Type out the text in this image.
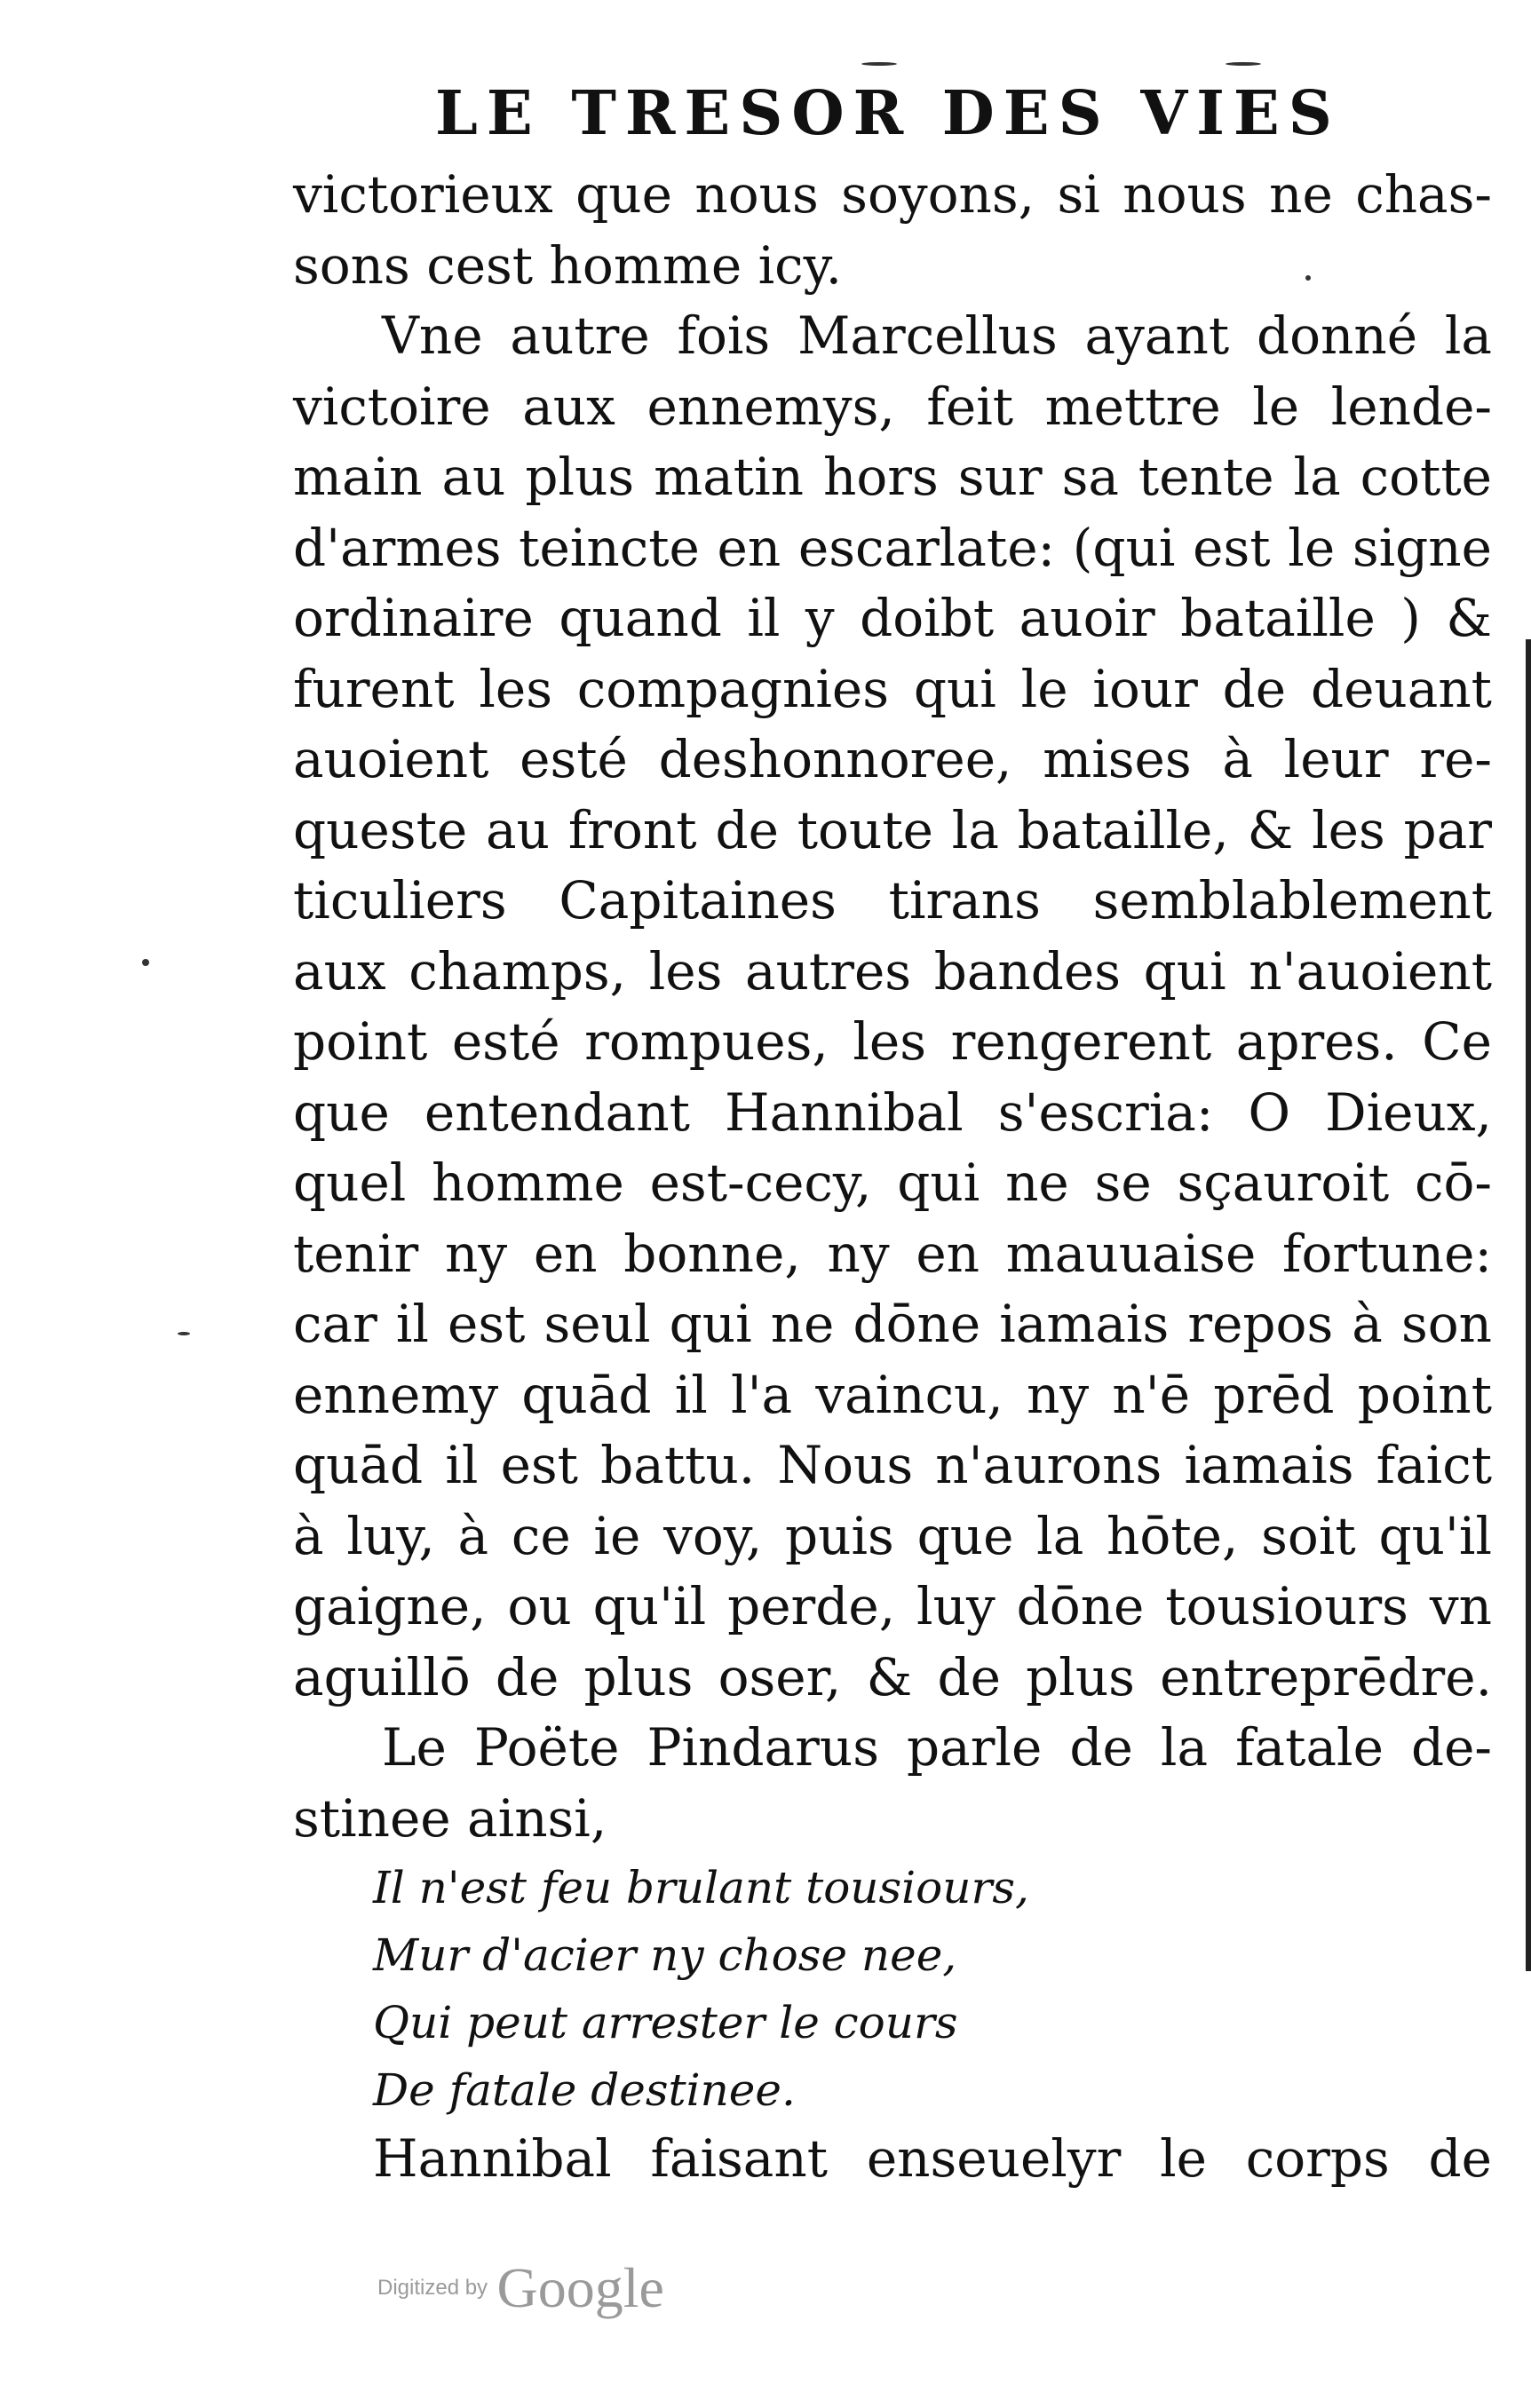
LE TRESOR DES VIES
victorieux que nous soyons, si nous ne chas-
sons cest homme icy.
Vne autre fois Marcellus ayant donné la
victoire aux ennemys, feit mettre le lende-
main au plus matin hors sur sa tente la cotte
d'armes teincte en escarlate: (qui est le signe
ordinaire quand il y doibt auoir bataille ) &
furent les compagnies qui le iour de deuant
auoient esté deshonnoree, mises à leur re-
queste au front de toute la bataille, & les par
ticuliers Capitaines tirans semblablement
aux champs, les autres bandes qui n'auoient
point esté rompues, les rengerent apres. Ce
que entendant Hannibal s'escria: O Dieux,
quel homme est-cecy, qui ne se sçauroit cō-
tenir ny en bonne, ny en mauuaise fortune:
car il est seul qui ne dōne iamais repos à son
ennemy quād il l'a vaincu, ny n'ē prēd point
quād il est battu. Nous n'aurons iamais faict
à luy, à ce ie voy, puis que la hōte, soit qu'il
gaigne, ou qu'il perde, luy dōne tousiours vn
aguillō de plus oser, & de plus entreprēdre.
Le Poëte Pindarus parle de la fatale de-
stinee ainsi,
Il n'est feu brulant tousiours,
Mur d'acier ny chose nee,
Qui peut arrester le cours
De fatale destinee.
Hannibal faisant enseuelyr le corps de
Digitized by Google
